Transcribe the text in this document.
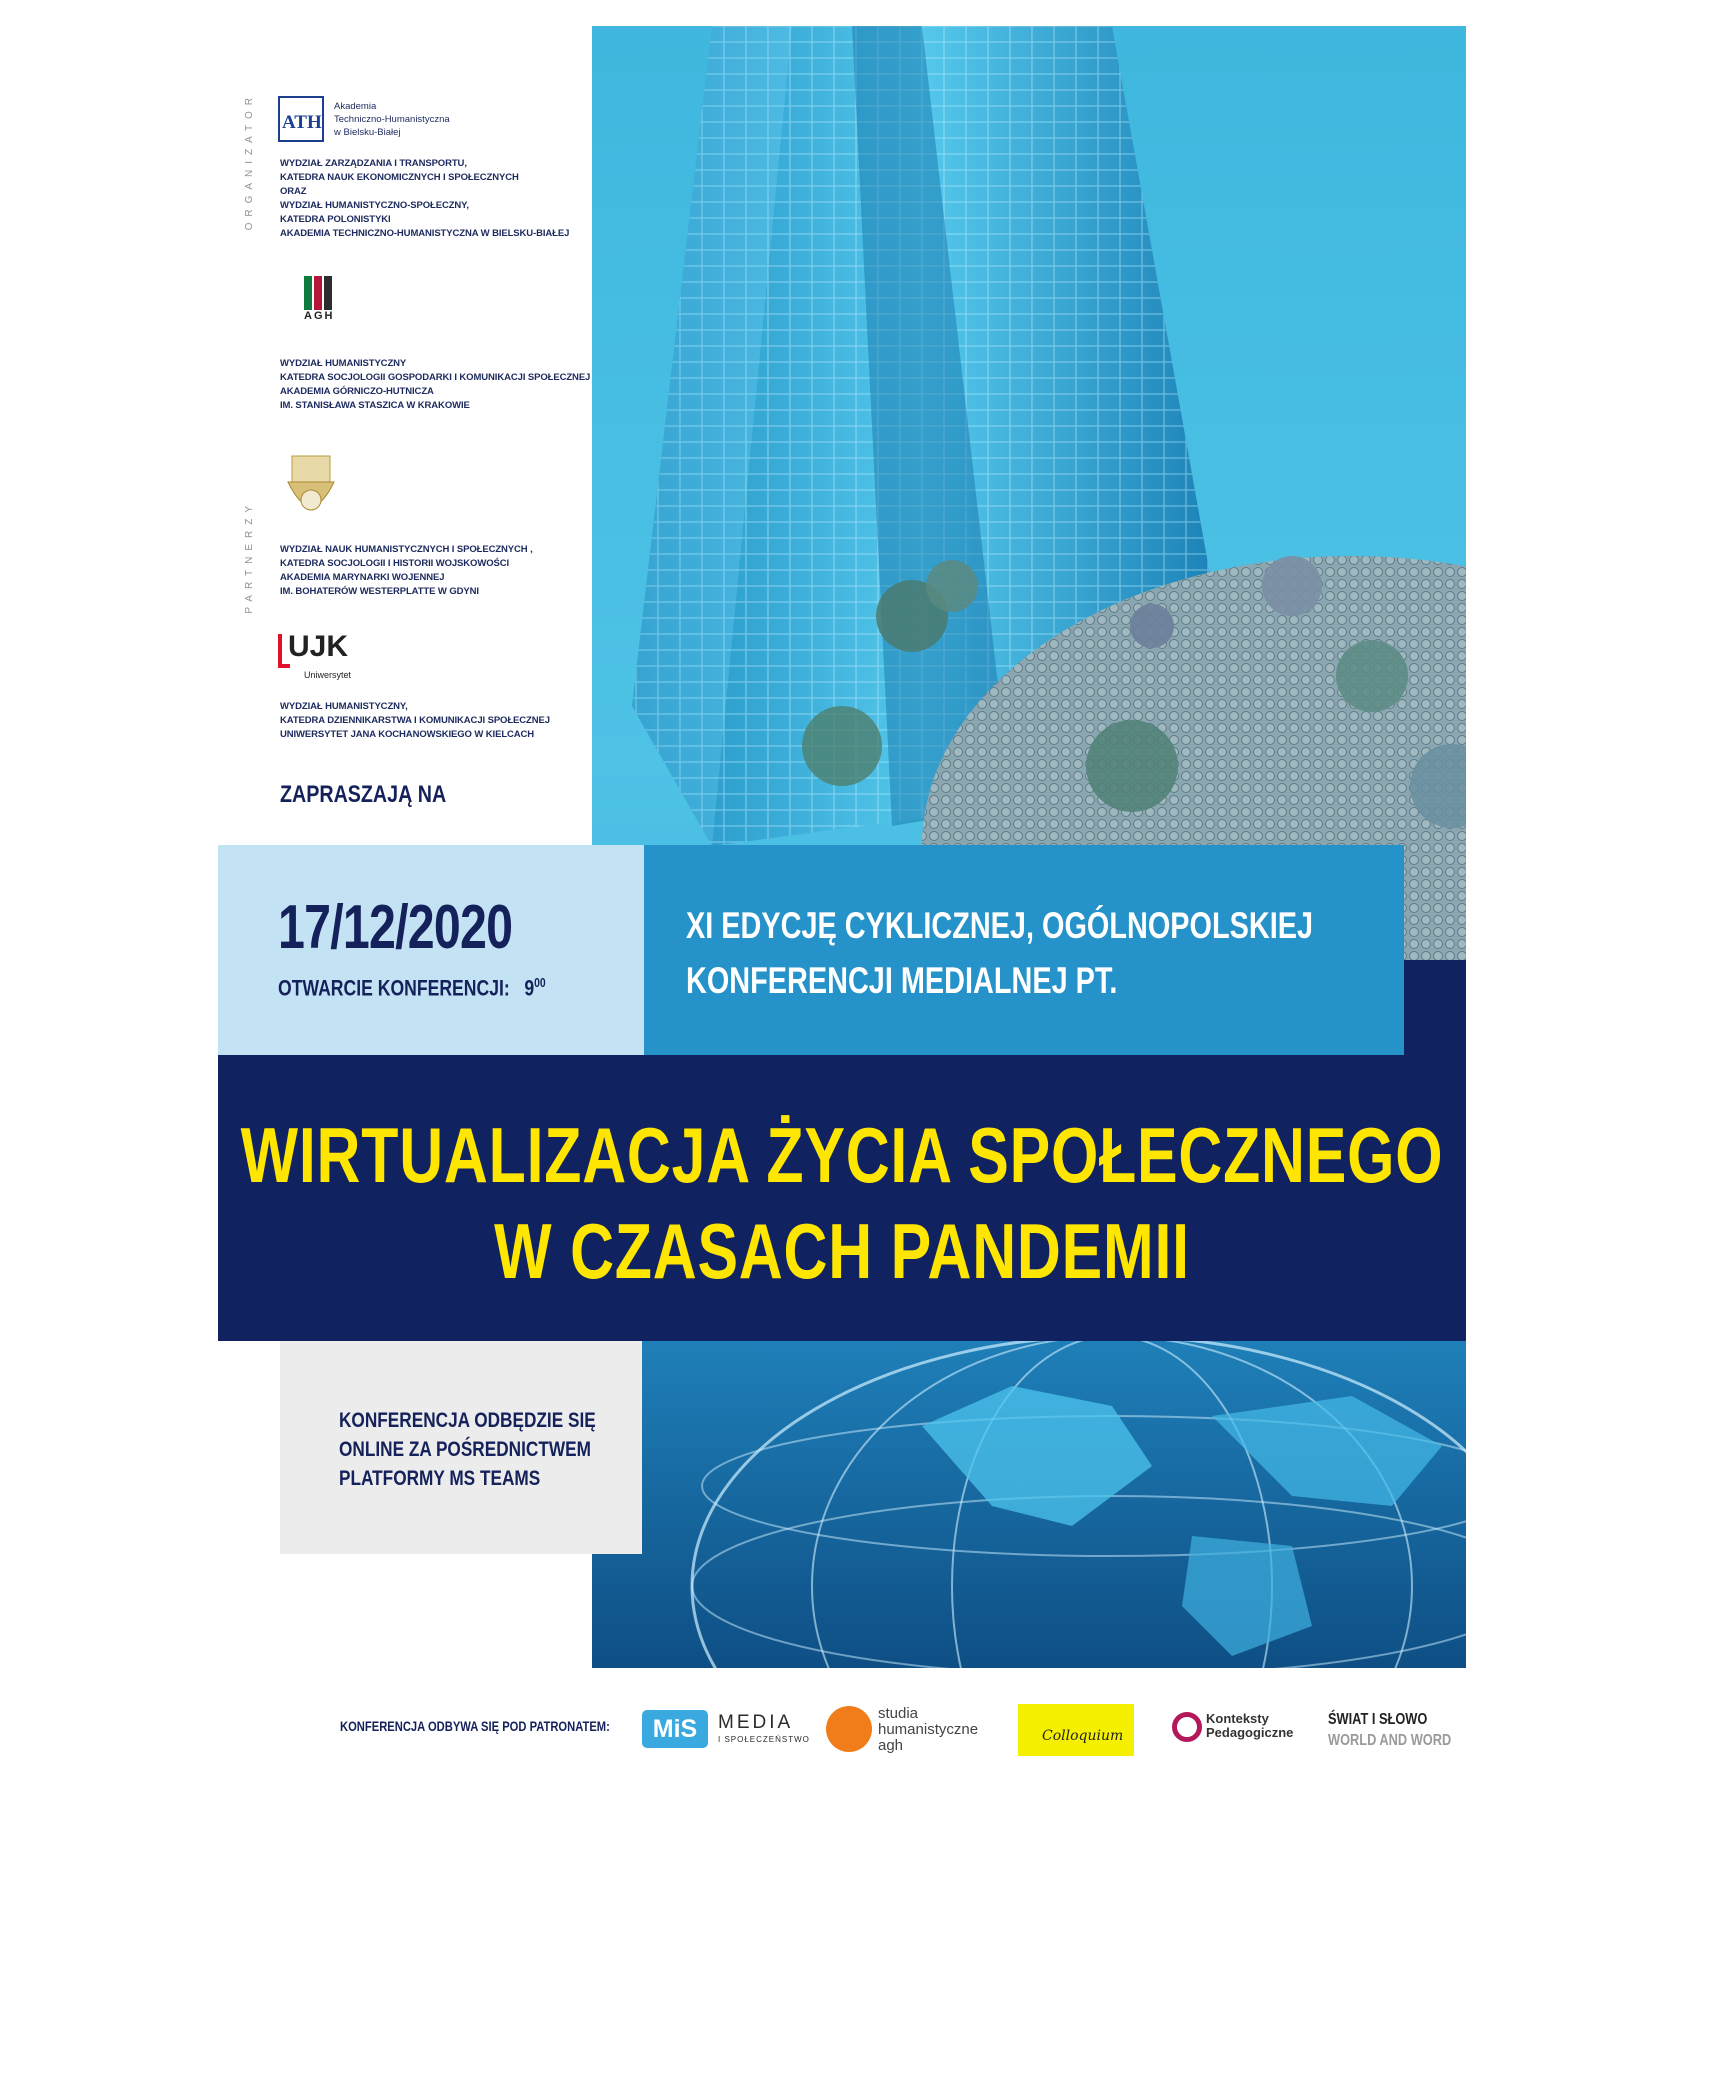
ORGANIZATOR
PARTNERZY
ATH
Akademia
Techniczno-Humanistyczna
w Bielsku-Białej
WYDZIAŁ ZARZĄDZANIA I TRANSPORTU,
KATEDRA NAUK EKONOMICZNYCH I SPOŁECZNYCH
ORAZ
WYDZIAŁ HUMANISTYCZNO-SPOŁECZNY,
KATEDRA POLONISTYKI
AKADEMIA TECHNICZNO-HUMANISTYCZNA W BIELSKU-BIAŁEJ
AGH
WYDZIAŁ HUMANISTYCZNY
KATEDRA SOCJOLOGII GOSPODARKI I KOMUNIKACJI SPOŁECZNEJ
AKADEMIA GÓRNICZO-HUTNICZA
IM. STANISŁAWA STASZICA W KRAKOWIE
WYDZIAŁ NAUK HUMANISTYCZNYCH I SPOŁECZNYCH ,
KATEDRA SOCJOLOGII I HISTORII WOJSKOWOŚCI
AKADEMIA MARYNARKI WOJENNEJ
IM. BOHATERÓW WESTERPLATTE W GDYNI
UJK
Uniwersytet
WYDZIAŁ HUMANISTYCZNY,
KATEDRA DZIENNIKARSTWA I KOMUNIKACJI SPOŁECZNEJ
UNIWERSYTET JANA KOCHANOWSKIEGO W KIELCACH
ZAPRASZAJĄ NA
17/12/2020
OTWARCIE KONFERENCJI: $9^{00}$
XI EDYCJĘ CYKLICZNEJ, OGÓLNOPOLSKIEJ
KONFERENCJI MEDIALNEJ PT.
WIRTUALIZACJA ŻYCIA SPOŁECZNEGO
W CZASACH PANDEMII
KONFERENCJA ODBĘDZIE SIĘ
ONLINE ZA POŚREDNICTWEM
PLATFORMY MS TEAMS
KONFERENCJA ODBYWA SIĘ POD PATRONATEM:	MiS	MEDIA
I SPOŁECZEŃSTWO
studia
humanistyczne
agh
Colloquium
Konteksty
Pedagogiczne
ŚWIAT I SŁOWO
WORLD AND WORD
